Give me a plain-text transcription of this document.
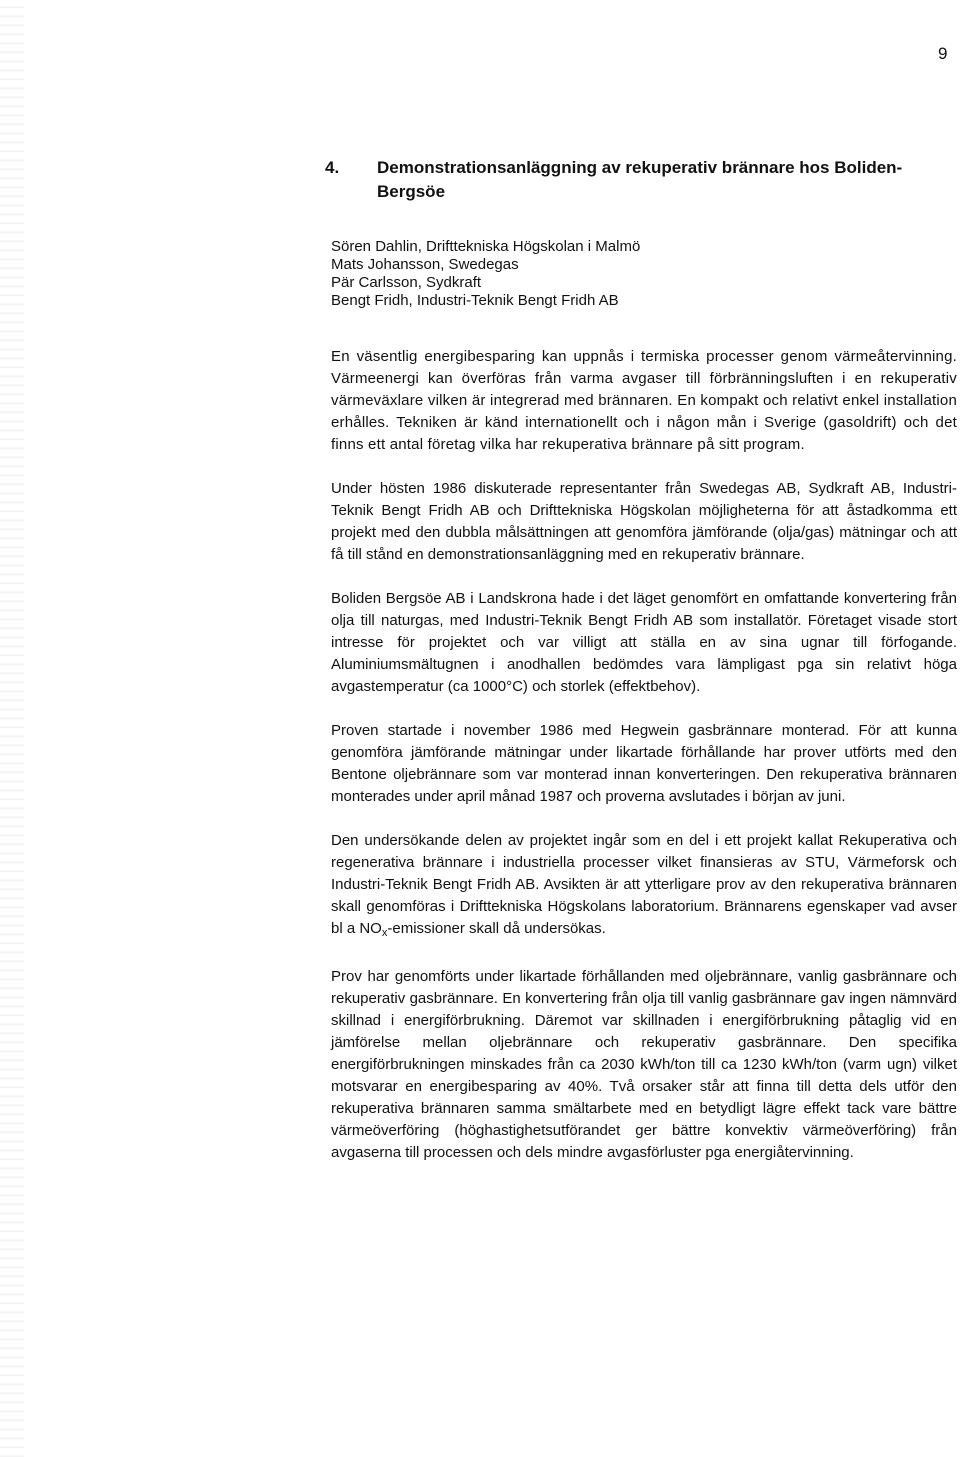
9
4.	Demonstrationsanläggning av rekuperativ brännare hos Boliden-Bergsöe
Sören Dahlin, Drifttekniska Högskolan i Malmö
Mats Johansson, Swedegas
Pär Carlsson, Sydkraft
Bengt Fridh, Industri-Teknik Bengt Fridh AB

En väsentlig energibesparing kan uppnås i termiska processer genom värmeåtervinning. Värmeenergi kan överföras från varma avgaser till förbränningsluften i en rekuperativ värmeväxlare vilken är integrerad med brännaren. En kompakt och relativt enkel installation erhålles. Tekniken är känd internationellt och i någon mån i Sverige (gasoldrift) och det finns ett antal företag vilka har rekuperativa brännare på sitt program.

Under hösten 1986 diskuterade representanter från Swedegas AB, Sydkraft AB, Industri-Teknik Bengt Fridh AB och Drifttekniska Högskolan möjligheterna för att åstadkomma ett projekt med den dubbla målsättningen att genomföra jämförande (olja/gas) mätningar och att få till stånd en demonstrationsanläggning med en rekuperativ brännare.

Boliden Bergsöe AB i Landskrona hade i det läget genomfört en omfattande konvertering från olja till naturgas, med Industri-Teknik Bengt Fridh AB som installatör. Företaget visade stort intresse för projektet och var villigt att ställa en av sina ugnar till förfogande. Aluminiumsmältugnen i anodhallen bedömdes vara lämpligast pga sin relativt höga avgastemperatur (ca 1000°C) och storlek (effektbehov).

Proven startade i november 1986 med Hegwein gasbrännare monterad. För att kunna genomföra jämförande mätningar under likartade förhållande har prover utförts med den Bentone oljebrännare som var monterad innan konverteringen. Den rekuperativa brännaren monterades under april månad 1987 och proverna avslutades i början av juni.

Den undersökande delen av projektet ingår som en del i ett projekt kallat Rekuperativa och regenerativa brännare i industriella processer vilket finansieras av STU, Värmeforsk och Industri-Teknik Bengt Fridh AB. Avsikten är att ytterligare prov av den rekuperativa brännaren skall genomföras i Drifttekniska Högskolans laboratorium. Brännarens egenskaper vad avser bl a $NO_x$-emissioner skall då undersökas.

Prov har genomförts under likartade förhållanden med oljebrännare, vanlig gasbrännare och rekuperativ gasbrännare. En konvertering från olja till vanlig gasbrännare gav ingen nämnvärd skillnad i energiförbrukning. Däremot var skillnaden i energiförbrukning påtaglig vid en jämförelse mellan oljebrännare och rekuperativ gasbrännare. Den specifika energiförbrukningen minskades från ca 2030 kWh/ton till ca 1230 kWh/ton (varm ugn) vilket motsvarar en energibesparing av 40%. Två orsaker står att finna till detta dels utför den rekuperativa brännaren samma smältarbete med en betydligt lägre effekt tack vare bättre värmeöverföring (höghastighetsutförandet ger bättre konvektiv värmeöverföring) från avgaserna till processen och dels mindre avgasförluster pga energiåtervinning.
